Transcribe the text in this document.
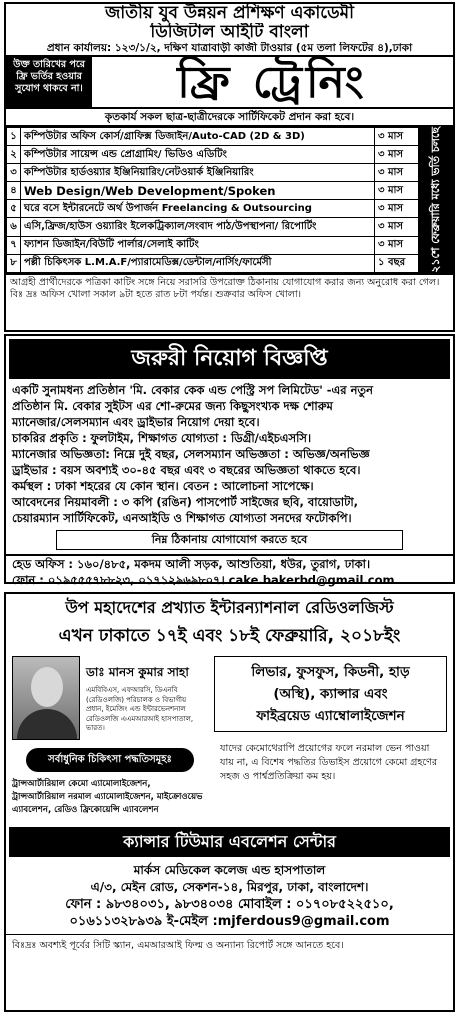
জাতীয় যুব উন্নয়ন প্রশিক্ষণ একাডেমী
ডিজিটাল আইটি বাংলা
প্রধান কার্যালয়: ১২৩/১/২, দক্ষিণ যাত্রাবাড়ী কাজী টাওয়ার (৫ম তলা লিফটের ৪),ঢাকা
উক্ত তারিখের পরে ফ্রি ভর্তির হওয়ার সুযোগ থাকবে না।	ফ্রি ট্রেনিং
কৃতকার্য সকল ছাত্র-ছাত্রীদেরকে সার্টিফিকেট প্রদান করা হবে।
১	কম্পিউটার অফিস কোর্স/গ্রাফিক্স ডিজাইন/Auto-CAD (2D & 3D)	৩ মাস
২	কম্পিউটার সায়েন্স এন্ড প্রোগ্রামিং/ ভিডিও এডিটিং	৩ মাস
৩	কম্পিউটার হার্ডওয়্যার ইঞ্জিনিয়ারিং/নেটওয়ার্ক ইঞ্জিনিয়ারিং	৩ মাস
৪	Web Design/Web Development/Spoken	৩ মাস
৫	ঘরে বসে ইন্টারনেটে অর্থ উপার্জন Freelancing & Outsourcing	৩ মাস
৬	এসি,ফ্রিজ/হাউস ওয়্যারিং ইলেকট্রিক্যাল/সংবাদ পাঠ/উপস্থাপনা/ রিপোর্টিং	৩ মাস
৭	ফ্যাশন ডিজাইন/বিউটি পার্লার/সেলাই কাটিং	৩ মাস
৮	পল্লী চিকিৎসক L.M.A.F/প্যারামেডিক্স/ডেন্টাল/নার্সিং/ফার্মেসী	১ বছর ২১শে ফেব্রুয়ারি মধ্যে ভর্তি চলছে
আগ্রহী প্রার্থীদেরকে পত্রিকা কাটিং সঙ্গে নিয়ে সরাসরি উপরোক্ত ঠিকানায় যোগাযোগ করার জন্য অনুরোধ করা গেল। বিঃ দ্রঃ অফিস খোলা সকাল ৯টা হতে রাত ৮টা পর্যন্ত। শুক্রবার অফিস খোলা।
জরুরী নিয়োগ বিজ্ঞপ্তি
একটি সুনামধন্য প্রতিষ্ঠান 'মি. বেকার কেক এন্ড পেস্ট্রি সপ লিমিটেড' -এর নতুন
প্রতিষ্ঠান মি. বেকার সুইটস এর শো-রুমের জন্য কিছুসংখ্যক দক্ষ শোরুম
ম্যানেজার/সেলসম্যান এবং ড্রাইভার নিয়োগ দেয়া হবে।
চাকরির প্রকৃতি : ফুলটাইম, শিক্ষাগত যোগ্যতা : ডিগ্রী/এইচএসসি।
ম্যানেজার অভিজ্ঞতা: নিম্নে দুই বছর, সেলসম্যান অভিজ্ঞতা : অভিজ্ঞ/অনভিজ্ঞ
ড্রাইভার : বয়স অবশ্যই ৩০-৪৫ বছর এবং ৩ বছরের অভিজ্ঞতা থাকতে হবে।
কর্মস্থল : ঢাকা শহরের যে কোন স্থান। বেতন : আলোচনা সাপেক্ষে।
আবেদনের নিয়মাবলী : ৩ কপি (রঙিন) পাসপোর্ট সাইজের ছবি, বায়োডাটা,
চেয়ারম্যান সার্টিফিকেট, এনআইডি ও শিক্ষাগত যোগ্যতা সনদের ফটোকপি।
নিম্ন ঠিকানায় যোগাযোগ করতে হবে
হেড অফিস : ১৬০/৪৮৫, মকদম আলী সড়ক, আশুতিয়া, ধউর, তুরাগ, ঢাকা।
ফোন : ০১৯৫৫৫৭৮৮২৩, ০১৭১২৯৬৯৮০৭। cake.bakerbd@gmail.com
উপ মহাদেশের প্রখ্যাত ইন্টারন্যাশনাল রেডিওলজিস্ট
এখন ঢাকাতে ১৭ই এবং ১৮ই ফেব্রুয়ারি, ২০১৮ইং
ডাঃ মানস কুমার সাহা
এমবিবিএস, এফআরসি, ডিএনবি (রেডিওলজি) পরিচালক ও বিভাগীয় প্রধান, ইমেজিং এন্ড ইন্টারভেনশনাল রেডিওলজি এএমআরআই হাসপাতাল, ভারত।
সর্বাধুনিক চিকিৎসা পদ্ধতিসমূহঃ
ট্রান্সআর্টারিয়াল কেমো এ্যামোলাইজেশন, ট্রান্সআর্টারিয়াল নরমাল এ্যামোলাইজেশন, মাইক্রোওয়েভ এ্যাবলেশন, রেডিও ফ্রিকোয়েন্সি এ্যাবলেশন
লিভার, ফুসফুস, কিডনী, হাড়
(অস্থি), ক্যান্সার এবং
ফাইব্রয়েড এ্যাম্বোলাইজেশন
যাদের কেমোথেরাপি প্রয়োগের ফলে নরমাল ভেন পাওয়া যায় না, এ বিশেষ পদ্ধতির ডিভাইস প্রয়োগে কেমো গ্রহণের সহজ ও পার্শ্বপ্রতিক্রিয়া কম হয়।
ক্যান্সার টিউমার এবলেশন সেন্টার
মার্কস মেডিকেল কলেজ এন্ড হাসপাতাল
এ/৩, মেইন রোড, সেকশন-১৪, মিরপুর, ঢাকা, বাংলাদেশ।
ফোন : ৯৮৩৪০৩১, ৯৮৩৪০৩৪ মোবাইল : ০১৭০৮৫২২৫১০,
০১৬১১৩২৮৯৩৯ ই-মেইল :mjferdous9@gmail.com
বিঃদ্রঃ অবশ্যই পূর্বের সিটি স্ক্যান, এমআরআই ফিল্ম ও অন্যান্য রিপোর্ট সঙ্গে আনতে হবে।
